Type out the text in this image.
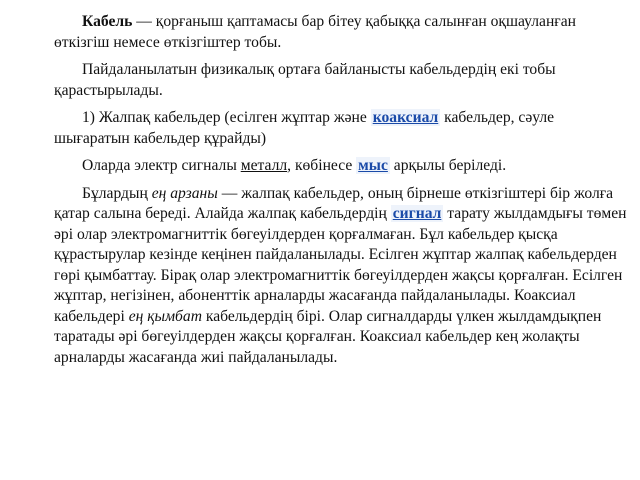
Кабель — қорғаныш қаптамасы бар бітеу қабыққа салынған оқшауланған өткізгіш немесе өткізгіштер тобы.

Пайдаланылатын физикалық ортаға байланысты кабельдердің екі тобы қарастырылады.

1) Жалпақ кабельдер (есілген жұптар және коаксиал кабельдер, сәуле шығаратын кабельдер құрайды)

Оларда электр сигналы металл, көбінесе мыс арқылы беріледі.

Бұлардың ең арзаны — жалпақ кабельдер, оның бірнеше өткізгіштері бір жолға қатар салына береді. Алайда жалпақ кабельдердің сигнал тарату жылдамдығы төмен әрі олар электромагниттік бөгеуілдерден қорғалмаған. Бұл кабельдер қысқа құрастырулар кезінде кеңінен пайдаланылады. Есілген жұптар жалпақ кабельдерден гөрі қымбаттау. Бірақ олар электромагниттік бөгеуілдерден жақсы қорғалған. Есілген жұптар, негізінен, абоненттік арналарды жасағанда пайдаланылады. Коаксиал кабельдері ең қымбат кабельдердің бірі. Олар сигналдарды үлкен жылдамдықпен таратады әрі бөгеуілдерден жақсы қорғалған. Коаксиал кабельдер кең жолақты арналарды жасағанда жиі пайдаланылады.
